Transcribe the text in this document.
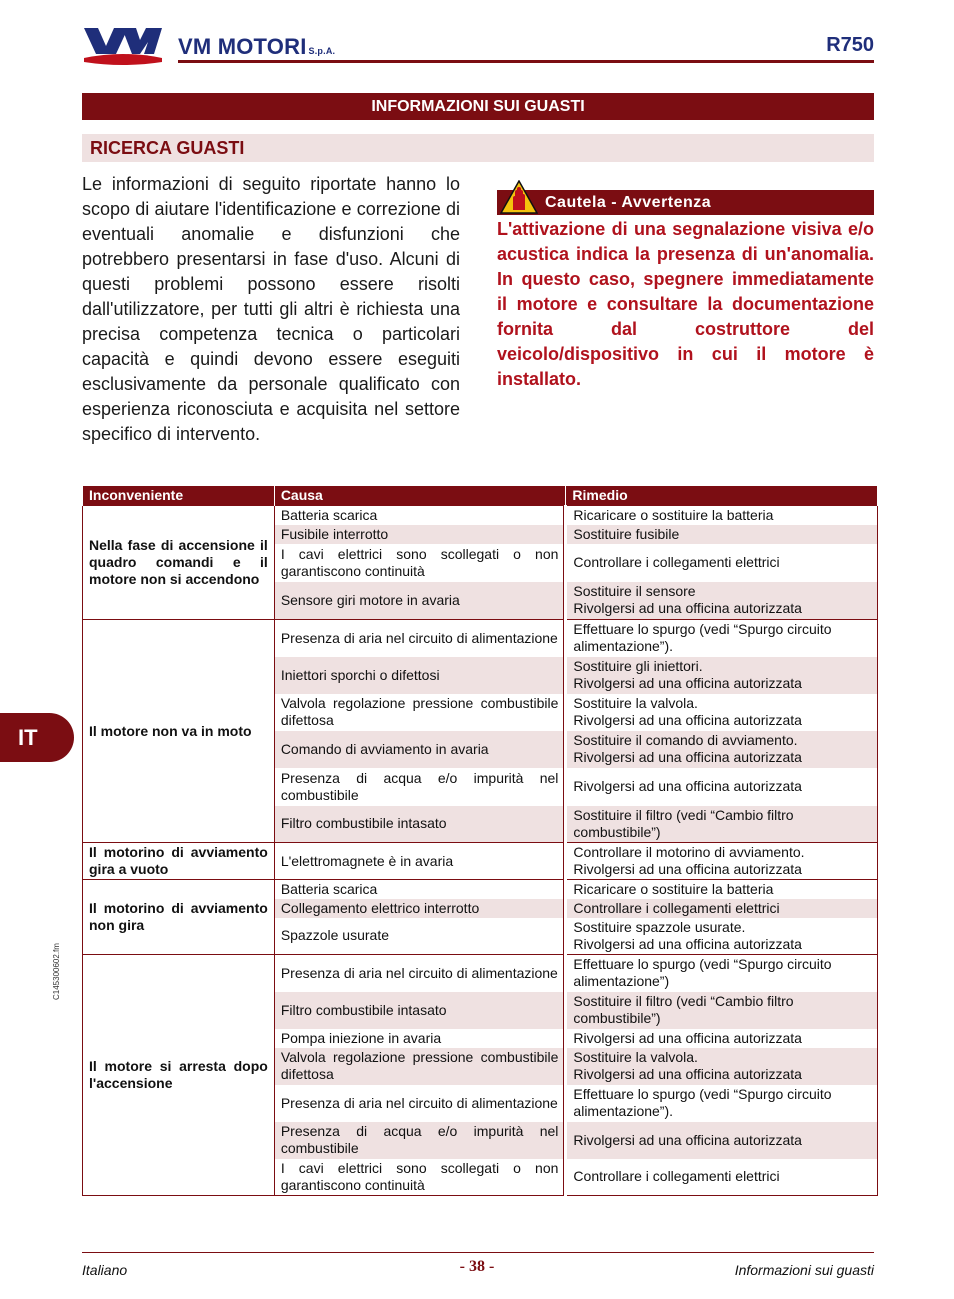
VM MOTORI S.p.A.	R750
INFORMAZIONI SUI GUASTI
RICERCA GUASTI
Le informazioni di seguito riportate hanno lo scopo di aiutare l'identificazione e correzione di eventuali anomalie e disfunzioni che potrebbero presentarsi in fase d'uso. Alcuni di questi problemi possono essere risolti dall'utilizzatore, per tutti gli altri è richiesta una precisa competenza tecnica o particolari capacità e quindi devono essere eseguiti esclusivamente da personale qualificato con esperienza riconosciuta e acquisita nel settore specifico di intervento.
Cautela - Avvertenza
L'attivazione di una segnalazione visiva e/o acustica indica la presenza di un'anomalia. In questo caso, spegnere immediatamente il motore e consultare la documentazione fornita dal costruttore del veicolo/dispositivo in cui il motore è installato.
Inconveniente	Causa	Rimedio
Nella fase di accensione il quadro comandi e il motore non si accendono	Batteria scarica	Ricaricare o sostituire la batteria
	Fusibile interrotto	Sostituire fusibile
	I cavi elettrici sono scollegati o non garantiscono continuità	Controllare i collegamenti elettrici
	Sensore giri motore in avaria	Sostituire il sensore
Rivolgersi ad una officina autorizzata
Il motore non va in moto	Presenza di aria nel circuito di alimentazione	Effettuare lo spurgo (vedi “Spurgo circuito alimentazione”).
	Iniettori sporchi o difettosi	Sostituire gli iniettori.
Rivolgersi ad una officina autorizzata
	Valvola regolazione pressione combustibile difettosa	Sostituire la valvola.
Rivolgersi ad una officina autorizzata
	Comando di avviamento in avaria	Sostituire il comando di avviamento.
Rivolgersi ad una officina autorizzata
	Presenza di acqua e/o impurità nel combustibile	Rivolgersi ad una officina autorizzata
	Filtro combustibile intasato	Sostituire il filtro (vedi “Cambio filtro combustibile”)
Il motorino di avviamento gira a vuoto	L'elettromagnete è in avaria	Controllare il motorino di avviamento.
Rivolgersi ad una officina autorizzata
Il motorino di avviamento non gira	Batteria scarica	Ricaricare o sostituire la batteria
	Collegamento elettrico interrotto	Controllare i collegamenti elettrici
	Spazzole usurate	Sostituire spazzole usurate.
Rivolgersi ad una officina autorizzata
Il motore si arresta dopo l'accensione	Presenza di aria nel circuito di alimentazione	Effettuare lo spurgo (vedi “Spurgo circuito alimentazione”)
	Filtro combustibile intasato	Sostituire il filtro (vedi “Cambio filtro combustibile”)
	Pompa iniezione in avaria	Rivolgersi ad una officina autorizzata
	Valvola regolazione pressione combustibile difettosa	Sostituire la valvola.
Rivolgersi ad una officina autorizzata
	Presenza di aria nel circuito di alimentazione	Effettuare lo spurgo (vedi “Spurgo circuito alimentazione”).
	Presenza di acqua e/o impurità nel combustibile	Rivolgersi ad una officina autorizzata
	I cavi elettrici sono scollegati o non garantiscono continuità	Controllare i collegamenti elettrici
IT
C145300602.fm
Italiano	- 38 -	Informazioni sui guasti
